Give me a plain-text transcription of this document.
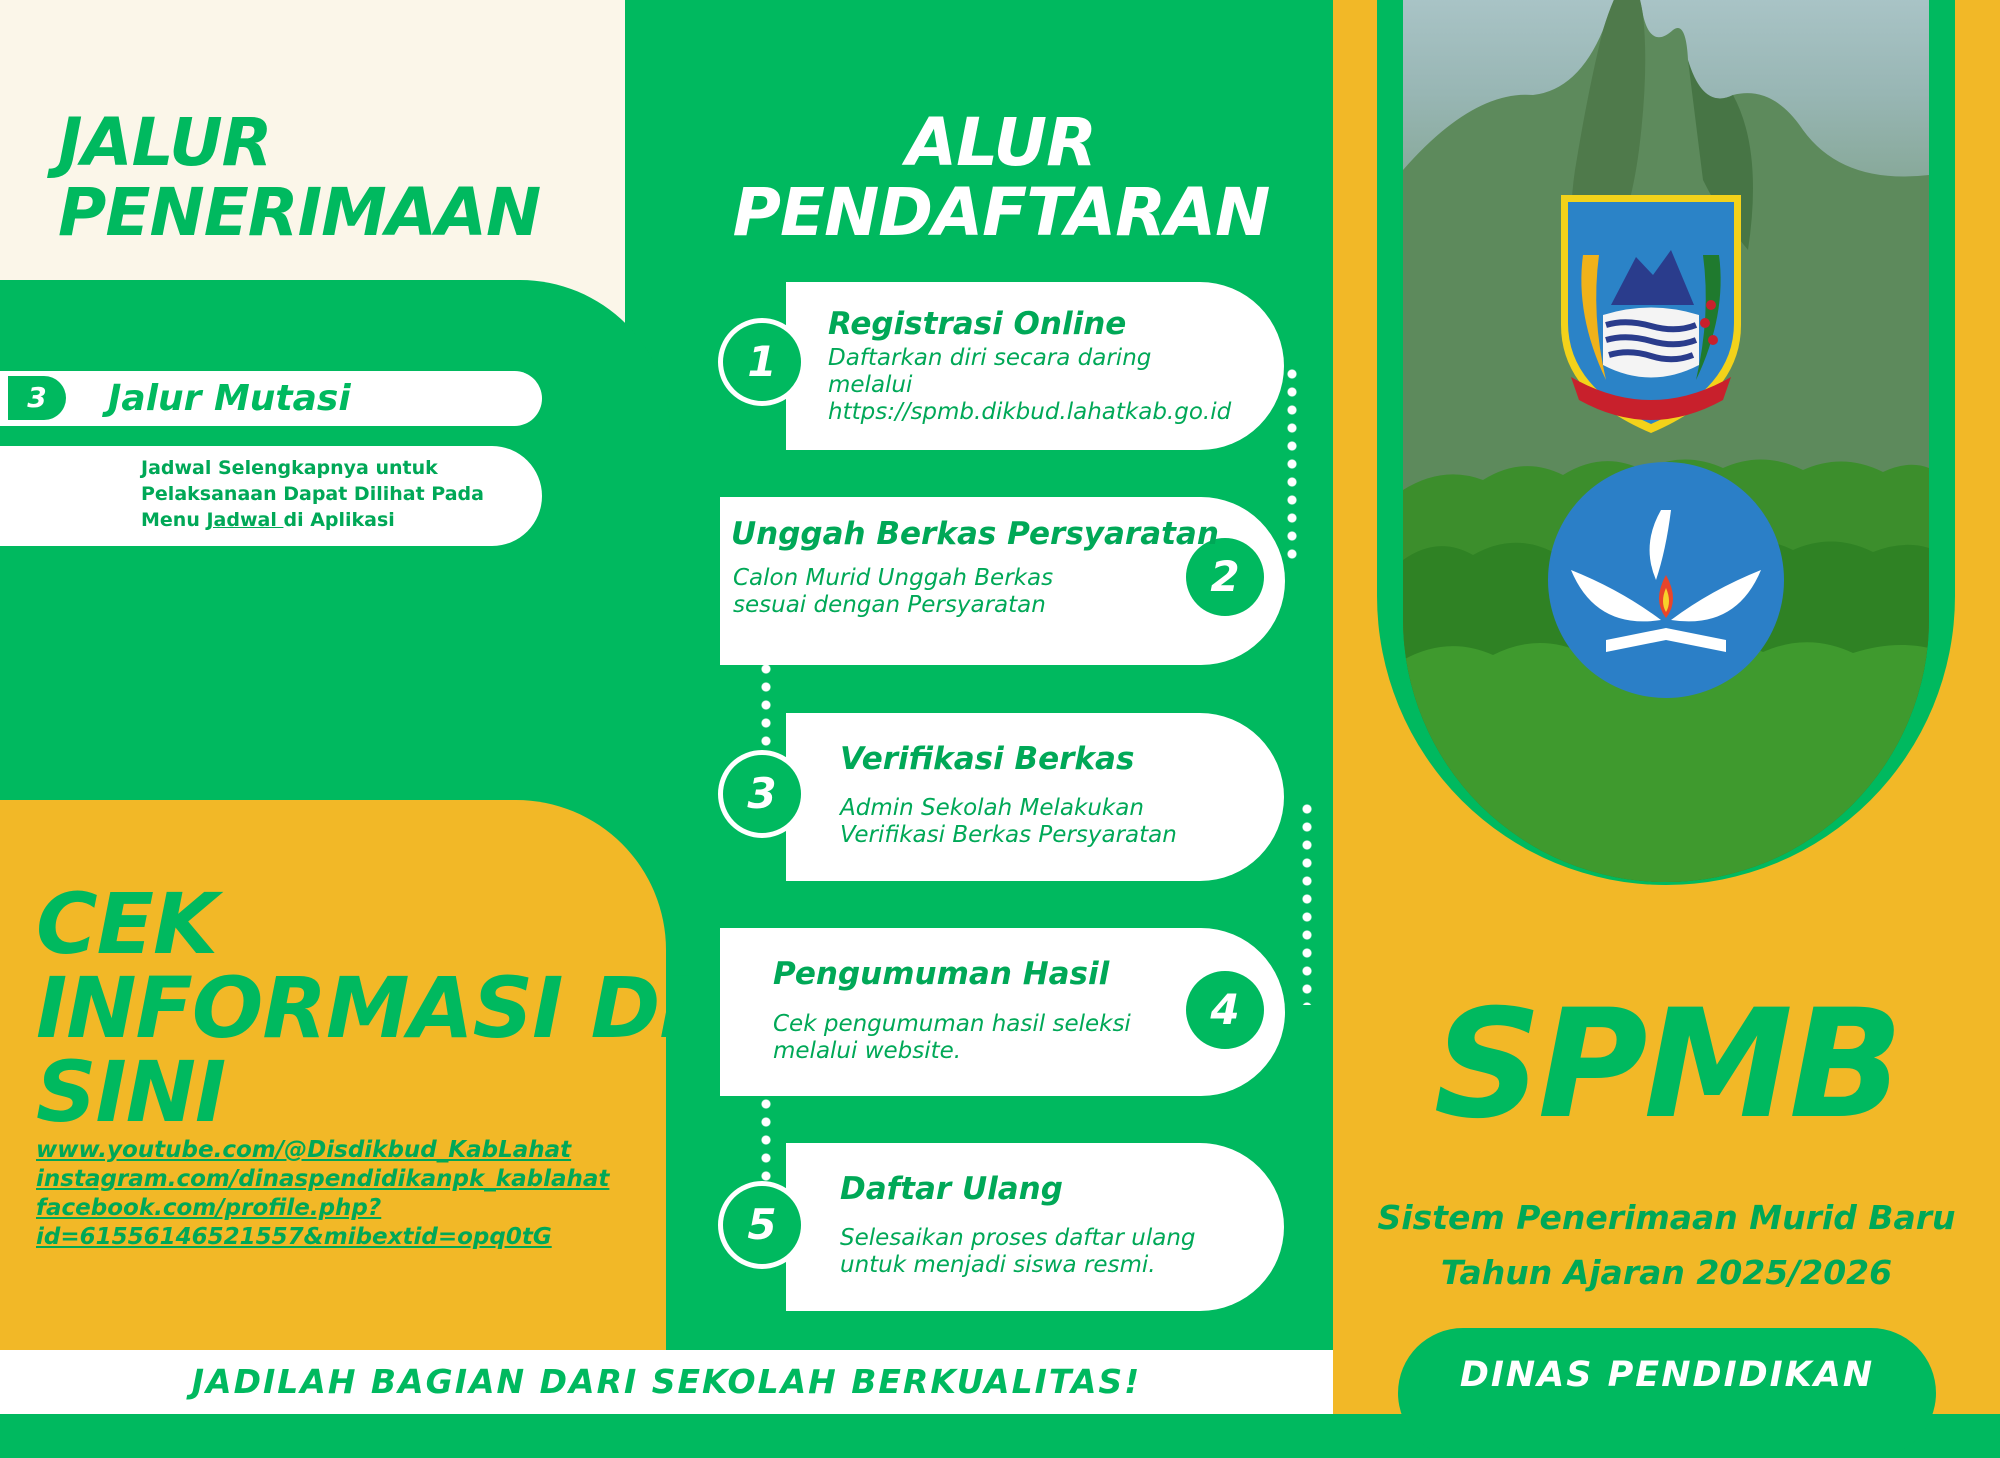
JALUR
PENERIMAAN
3	Jalur Mutasi
Jadwal Selengkapnya untuk Pelaksanaan Dapat Dilihat Pada Menu Jadwal di Aplikasi
CEK
INFORMASI DI
SINI
www.youtube.com/@Disdikbud_KabLahat
instagram.com/dinaspendidikanpk_kablahat
facebook.com/profile.php?
id=61556146521557&mibextid=opq0tG
ALUR
PENDAFTARAN
1
Registrasi Online
Daftarkan diri secara daring
melalui
https://spmb.dikbud.lahatkab.go.id
2
Unggah Berkas Persyaratan
Calon Murid Unggah Berkas
sesuai dengan Persyaratan
3
Verifikasi Berkas
Admin Sekolah Melakukan
Verifikasi Berkas Persyaratan
4
Pengumuman Hasil
Cek pengumuman hasil seleksi
melalui website.
5
Daftar Ulang
Selesaikan proses daftar ulang
untuk menjadi siswa resmi.
JADILAH BAGIAN DARI SEKOLAH BERKUALITAS!
SPMB
Sistem Penerimaan Murid Baru
Tahun Ajaran 2025/2026
DINAS PENDIDIKAN
